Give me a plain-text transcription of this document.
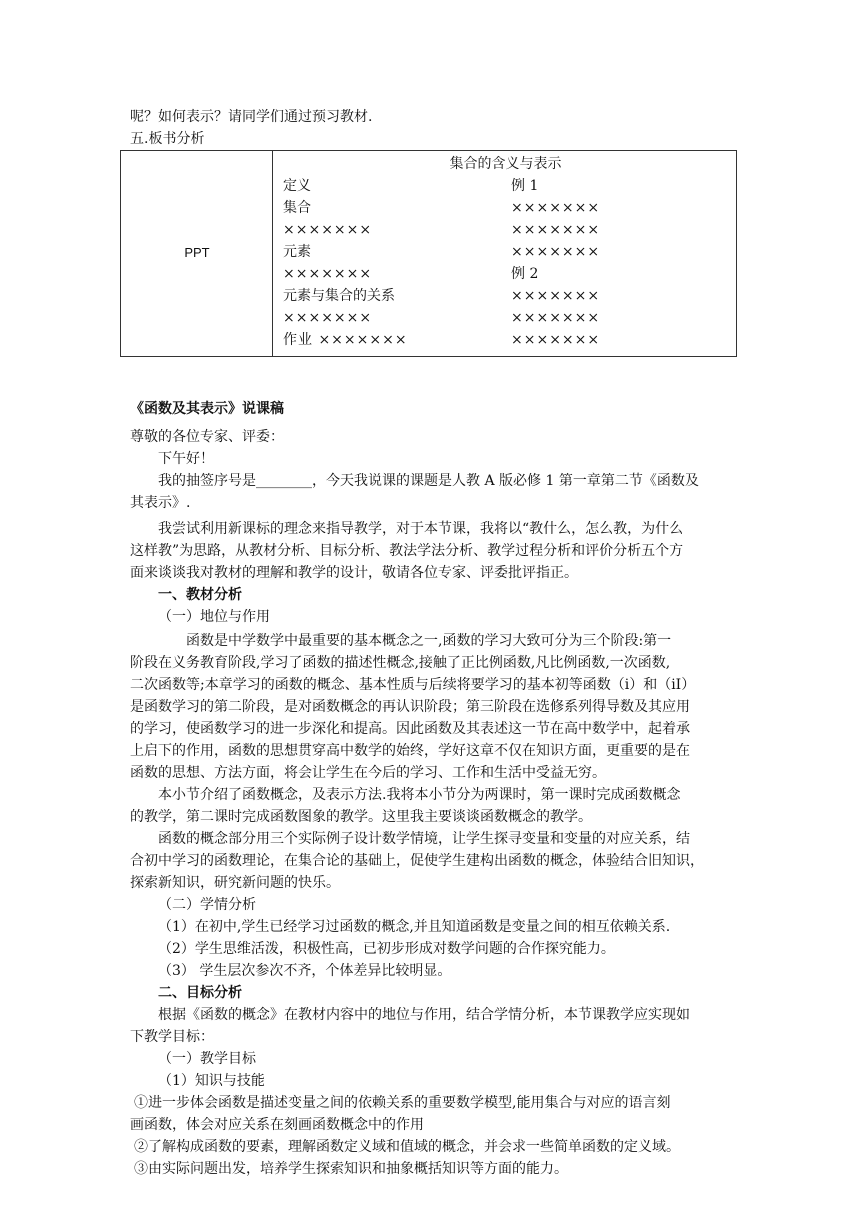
呢？如何表示？请同学们通过预习教材.
五.板书分析
PPT
集合的含义与表示
定义
集合
×××××××
元素
×××××××
元素与集合的关系
×××××××
作业 ×××××××
例 1
×××××××
×××××××
×××××××
例 2
×××××××
×××××××
×××××××
《函数及其表示》说课稿
尊敬的各位专家、评委：
下午好！
我的抽签序号是________，今天我说课的课题是人教 A 版必修 1 第一章第二节《函数及
其表示》.
我尝试利用新课标的理念来指导教学，对于本节课，我将以“教什么，怎么教，为什么
这样教”为思路，从教材分析、目标分析、教法学法分析、教学过程分析和评价分析五个方
面来谈谈我对教材的理解和教学的设计，敬请各位专家、评委批评指正。
一、教材分析
（一）地位与作用
函数是中学数学中最重要的基本概念之一,函数的学习大致可分为三个阶段:第一
阶段在义务教育阶段,学习了函数的描述性概念,接触了正比例函数,凡比例函数,一次函数,
二次函数等;本章学习的函数的概念、基本性质与后续将要学习的基本初等函数（i）和（iI）
是函数学习的第二阶段，是对函数概念的再认识阶段；第三阶段在选修系列得导数及其应用
的学习，使函数学习的进一步深化和提高。因此函数及其表述这一节在高中数学中，起着承
上启下的作用，函数的思想贯穿高中数学的始终，学好这章不仅在知识方面，更重要的是在
函数的思想、方法方面，将会让学生在今后的学习、工作和生活中受益无穷。
本小节介绍了函数概念，及表示方法.我将本小节分为两课时，第一课时完成函数概念
的教学，第二课时完成函数图象的教学。这里我主要谈谈函数概念的教学。
函数的概念部分用三个实际例子设计数学情境，让学生探寻变量和变量的对应关系，结
合初中学习的函数理论，在集合论的基础上，促使学生建构出函数的概念，体验结合旧知识，
探索新知识，研究新问题的快乐。
（二）学情分析
（1）在初中,学生已经学习过函数的概念,并且知道函数是变量之间的相互依赖关系.
（2）学生思维活泼，积极性高，已初步形成对数学问题的合作探究能力。
（3） 学生层次参次不齐，个体差异比较明显。
二、目标分析
根据《函数的概念》在教材内容中的地位与作用，结合学情分析，本节课教学应实现如
下教学目标：
（一）教学目标
（1）知识与技能
①进一步体会函数是描述变量之间的依赖关系的重要数学模型,能用集合与对应的语言刻
画函数，体会对应关系在刻画函数概念中的作用
②了解构成函数的要素，理解函数定义域和值域的概念，并会求一些简单函数的定义域。
③由实际问题出发，培养学生探索知识和抽象概括知识等方面的能力。
